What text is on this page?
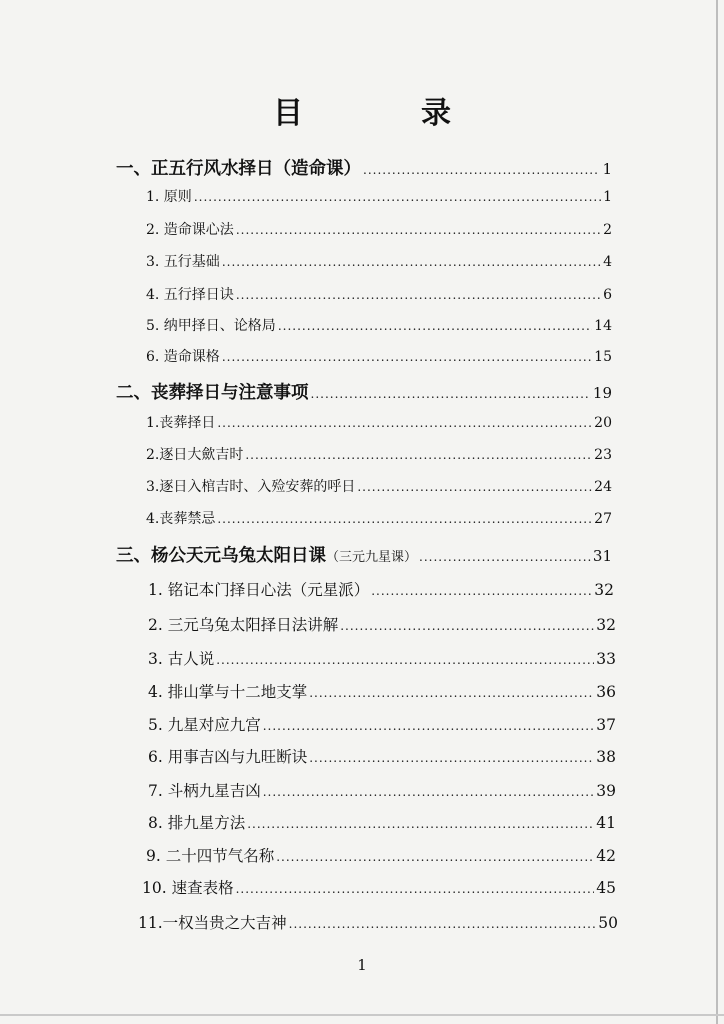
目	录
一、正五行风水择日（造命课） .....	1
1. 原则 .....	1
2. 造命课心法 .....	2
3. 五行基础 .....	4
4. 五行择日诀 .....	6
5. 纳甲择日、论格局 .....	14
6. 造命课格 .....	15
二、丧葬择日与注意事项 .....	19
1.丧葬择日 .....	20
2.逐日大歛吉时 .....	23
3.逐日入棺吉时、入殓安葬的呼日 .....	24
4.丧葬禁忌 .....	27
三、杨公天元乌兔太阳日课 （三元九星课） .....	31
1. 铭记本门择日心法（元星派） .....	32
2. 三元乌兔太阳择日法讲解 .....	32
3. 古人说 .....	33
4. 排山掌与十二地支掌 .....	36
5. 九星对应九宫 .....	37
6. 用事吉凶与九旺断诀 .....	38
7. 斗柄九星吉凶 .....	39
8. 排九星方法 .....	41
9. 二十四节气名称 .....	42
10. 速查表格 .....	45
11.一权当贵之大吉神 .....	50
1
